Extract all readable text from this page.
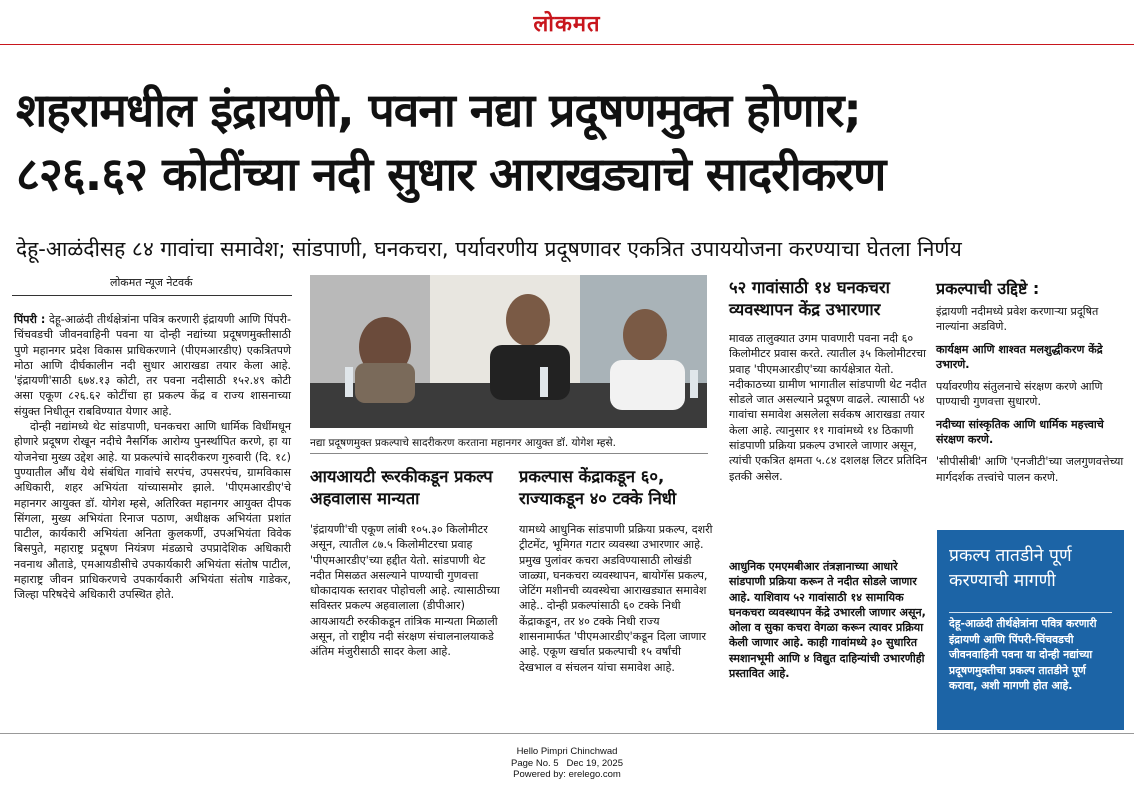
लोकमत
शहरामधील इंद्रायणी, पवना नद्या प्रदूषणमुक्त होणार;
८२६.६२ कोटींच्या नदी सुधार आराखड्याचे सादरीकरण
देहू-आळंदीसह ८४ गावांचा समावेश; सांडपाणी, घनकचरा, पर्यावरणीय प्रदूषणावर एकत्रित उपाययोजना करण्याचा घेतला निर्णय
लोकमत न्यूज नेटवर्क

पिंपरी : देहू-आळंदी तीर्थक्षेत्रांना पवित्र करणारी इंद्रायणी आणि पिंपरी-चिंचवडची जीवनवाहिनी पवना या दोन्ही नद्यांच्या प्रदूषणमुक्तीसाठी पुणे महानगर प्रदेश विकास प्राधिकरणाने (पीएमआरडीए) एकत्रितपणे मोठा आणि दीर्घकालीन नदी सुधार आराखडा तयार केला आहे. 'इंद्रायणी'साठी ६७४.१३ कोटी, तर पवना नदीसाठी १५२.४९ कोटी असा एकूण ८२६.६२ कोटींचा हा प्रकल्प केंद्र व राज्य शासनाच्या संयुक्त निधीतून राबविण्यात येणार आहे.

दोन्ही नद्यांमध्ये थेट सांडपाणी, घनकचरा आणि धार्मिक विधींमधून होणारे प्रदूषण रोखून नदीचे नैसर्गिक आरोग्य पुनर्स्थापित करणे, हा या योजनेचा मुख्य उद्देश आहे. या प्रकल्पांचे सादरीकरण गुरुवारी (दि. १८) पुण्यातील औंध येथे संबंधित गावांचे सरपंच, उपसरपंच, ग्रामविकास अधिकारी, शहर अभियंता यांच्यासमोर झाले. 'पीएमआरडीए'चे महानगर आयुक्त डॉ. योगेश म्हसे, अतिरिक्त महानगर आयुक्त दीपक सिंगला, मुख्य अभियंता रिनाज पठाण, अधीक्षक अभियंता प्रशांत पाटील, कार्यकारी अभियंता अनिता कुलकर्णी, उपअभियंता विवेक बिसपुते, महाराष्ट्र प्रदूषण नियंत्रण मंडळाचे उपप्रादेशिक अधिकारी नवनाथ औताडे, एमआयडीसीचे उपकार्यकारी अभियंता संतोष पाटील, महाराष्ट्र जीवन प्राधिकरणचे उपकार्यकारी अभियंता संतोष गाडेकर, जिल्हा परिषदेचे अधिकारी उपस्थित होते.

नद्या प्रदूषणमुक्त प्रकल्पाचे सादरीकरण करताना महानगर आयुक्त डॉ. योगेश म्हसे.
आयआयटी रूरकीकडून प्रकल्प अहवालास मान्यता
'इंद्रायणी'ची एकूण लांबी १०५.३० किलोमीटर असून, त्यातील ८७.५ किलोमीटरचा प्रवाह 'पीएमआरडीए'च्या हद्दीत येतो. सांडपाणी थेट नदीत मिसळत असल्याने पाण्याची गुणवत्ता धोकादायक स्तरावर पोहोचली आहे. त्यासाठीच्या सविस्तर प्रकल्प अहवालाला (डीपीआर) आयआयटी रुरकीकडून तांत्रिक मान्यता मिळाली असून, तो राष्ट्रीय नदी संरक्षण संचालनालयाकडे अंतिम मंजुरीसाठी सादर केला आहे.
प्रकल्पास केंद्राकडून ६०, राज्याकडून ४० टक्के निधी
यामध्ये आधुनिक सांडपाणी प्रक्रिया प्रकल्प, दशरी ट्रीटमेंट, भूमिगत गटार व्यवस्था उभारणार आहे. प्रमुख पुलांवर कचरा अडविण्यासाठी लोखंडी जाळ्या, घनकचरा व्यवस्थापन, बायोगॅस प्रकल्प, जेटिंग मशीनची व्यवस्थेचा आराखड्यात समावेश आहे.. दोन्ही प्रकल्पांसाठी ६० टक्के निधी केंद्राकडून, तर ४० टक्के निधी राज्य शासनामार्फत 'पीएमआरडीए'कडून दिला जाणार आहे. एकूण खर्चात प्रकल्पाची १५ वर्षांची देखभाल व संचलन यांचा समावेश आहे.
५२ गावांसाठी १४ घनकचरा व्यवस्थापन केंद्र उभारणार
मावळ तालुक्यात उगम पावणारी पवना नदी ६० किलोमीटर प्रवास करते. त्यातील ३५ किलोमीटरचा प्रवाह 'पीएमआरडीए'च्या कार्यक्षेत्रात येतो. नदीकाठच्या ग्रामीण भागातील सांडपाणी थेट नदीत सोडले जात असल्याने प्रदूषण वाढले. त्यासाठी ५४ गावांचा समावेश असलेला सर्वकष आराखडा तयार केला आहे. त्यानुसार ११ गावांमध्ये १४ ठिकाणी सांडपाणी प्रक्रिया प्रकल्प उभारले जाणार असून, त्यांची एकत्रित क्षमता ५.८४ दशलक्ष लिटर प्रतिदिन इतकी असेल.
आधुनिक एमएमबीआर तंत्रज्ञानाच्या आधारे सांडपाणी प्रक्रिया करून ते नदीत सोडले जाणार आहे. याशिवाय ५२ गावांसाठी १४ सामायिक घनकचरा व्यवस्थापन केंद्रे उभारली जाणार असून, ओला व सुका कचरा वेगळा करून त्यावर प्रक्रिया केली जाणार आहे. काही गावांमध्ये ३० सुधारित स्मशानभूमी आणि ४ विद्युत दाहिन्यांची उभारणीही प्रस्तावित आहे.
प्रकल्पाची उद्दिष्टे :

इंद्रायणी नदीमध्ये प्रवेश करणाऱ्या प्रदूषित नाल्यांना अडविणे.

कार्यक्षम आणि शाश्वत मलशुद्धीकरण केंद्रे उभारणे.

पर्यावरणीय संतुलनाचे संरक्षण करणे आणि पाण्याची गुणवत्ता सुधारणे.

नदीच्या सांस्कृतिक आणि धार्मिक महत्त्वाचे संरक्षण करणे.

'सीपीसीबी' आणि 'एनजीटी'च्या जलगुणवत्तेच्या मार्गदर्शक तत्त्वांचे पालन करणे.

प्रकल्प तातडीने पूर्ण करण्याची मागणी
देहू-आळंदी तीर्थक्षेत्रांना पवित्र करणारी इंद्रायणी आणि पिंपरी-चिंचवडची जीवनवाहिनी पवना या दोन्ही नद्यांच्या प्रदूषणमुक्तीचा प्रकल्प तातडीने पूर्ण करावा, अशी मागणी होत आहे.
Hello Pimpri Chinchwad
Page No. 5   Dec 19, 2025
Powered by: erelego.com
